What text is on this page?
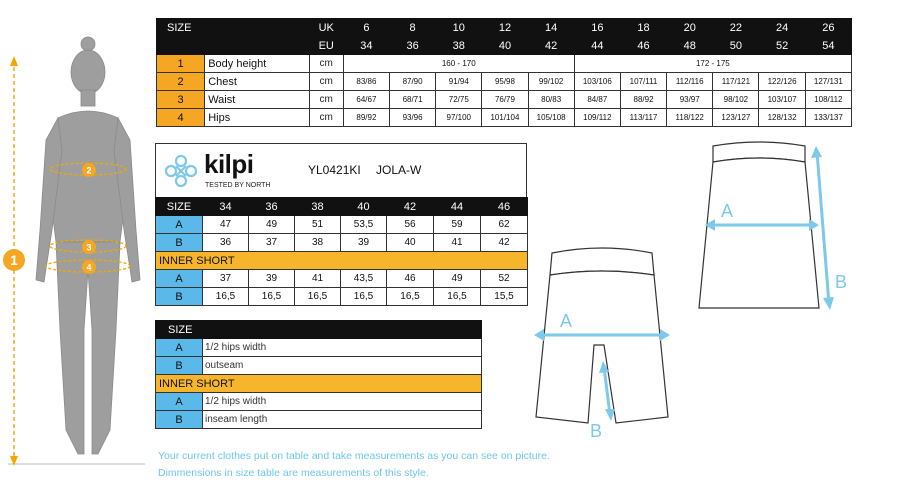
SIZE		UK	6	8	10	12	14	16	18	20	22	24	26
		EU	34	36	38	40	42	44	46	48	50	52	54
1	Body height	cm	160 - 170					172 - 175					
2	Chest	cm	83/86	87/90	91/94	95/98	99/102	103/106	107/111	112/116	117/121	122/126	127/131
3	Waist	cm	64/67	68/71	72/75	76/79	80/83	84/87	88/92	93/97	98/102	103/107	108/112
4	Hips	cm	89/92	93/96	97/100	101/104	105/108	109/112	113/117	118/122	123/127	128/132	133/137
kilpi
TESTED BY NORTH
YL0421KI JOLA-W
SIZE	34	36	38	40	42	44	46
A	47	49	51	53,5	56	59	62
B	36	37	38	39	40	41	42
INNER SHORT							
A	37	39	41	43,5	46	49	52
B	16,5	16,5	16,5	16,5	16,5	16,5	15,5
SIZE	
A	1/2 hips width
B	outseam
INNER SHORT	
A	1/2 hips width
B	inseam length
Your current clothes put on table and take measurements as you can see on picture.
Dimmensions in size table are measurements of this style.
1
2
3
4
A
B
A
B
